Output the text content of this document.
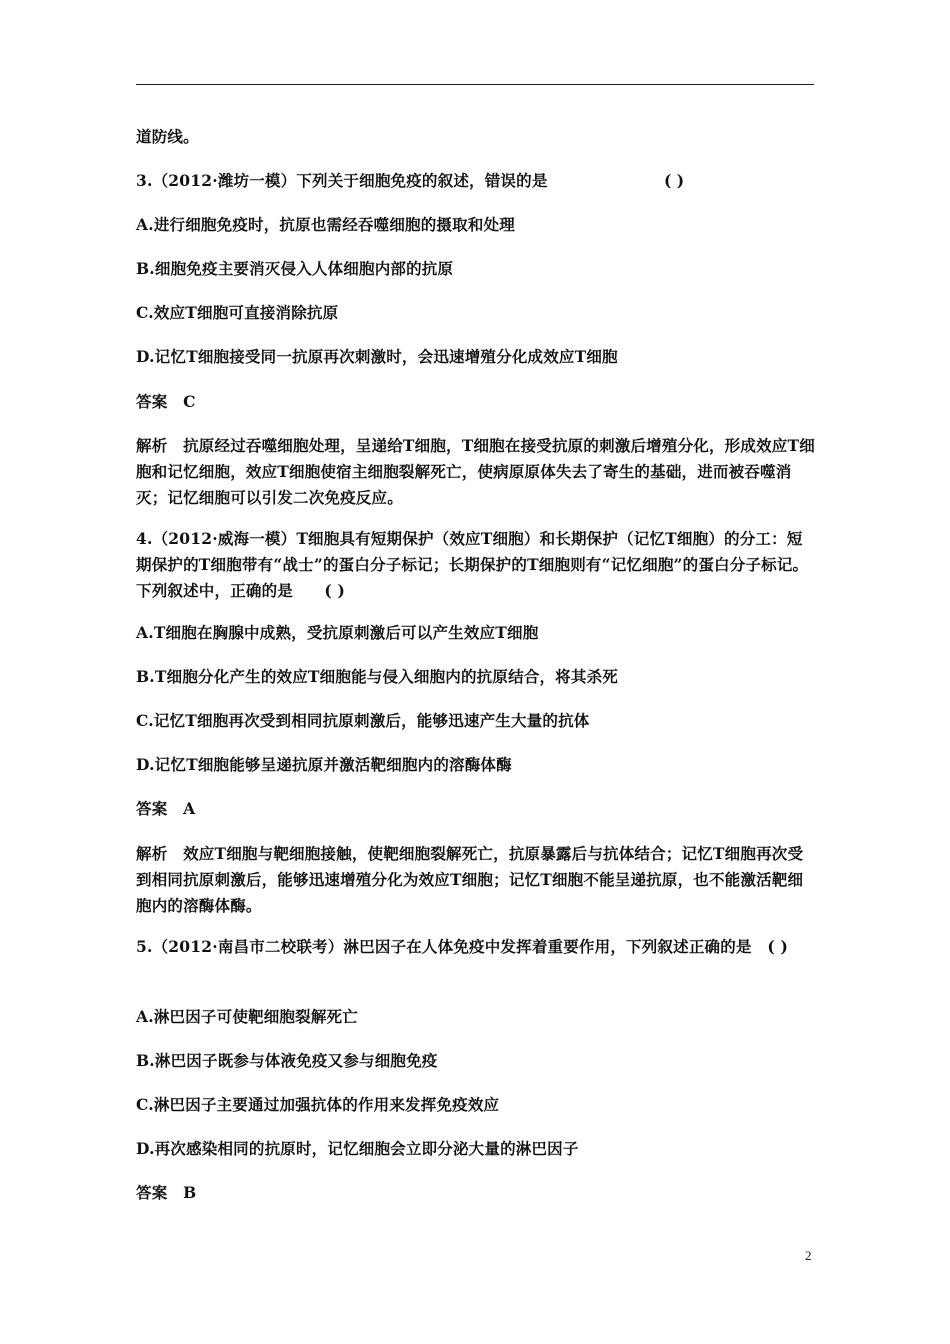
道防线。
3.（2012·潍坊一模）下列关于细胞免疫的叙述，错误的是	( )
A.进行细胞免疫时，抗原也需经吞噬细胞的摄取和处理
B.细胞免疫主要消灭侵入人体细胞内部的抗原
C.效应T细胞可直接消除抗原
D.记忆T细胞接受同一抗原再次刺激时，会迅速增殖分化成效应T细胞
答案　C
解析　抗原经过吞噬细胞处理，呈递给T细胞，T细胞在接受抗原的刺激后增殖分化，形成效应T细胞和记忆细胞，效应T细胞使宿主细胞裂解死亡，使病原原体失去了寄生的基础，进而被吞噬消灭；记忆细胞可以引发二次免疫反应。
4.（2012·威海一模）T细胞具有短期保护（效应T细胞）和长期保护（记忆T细胞）的分工：短期保护的T细胞带有“战士”的蛋白分子标记；长期保护的T细胞则有“记忆细胞”的蛋白分子标记。下列叙述中，正确的是　　( )
A.T细胞在胸腺中成熟，受抗原刺激后可以产生效应T细胞
B.T细胞分化产生的效应T细胞能与侵入细胞内的抗原结合，将其杀死
C.记忆T细胞再次受到相同抗原刺激后，能够迅速产生大量的抗体
D.记忆T细胞能够呈递抗原并激活靶细胞内的溶酶体酶
答案　A
解析　效应T细胞与靶细胞接触，使靶细胞裂解死亡，抗原暴露后与抗体结合；记忆T细胞再次受到相同抗原刺激后，能够迅速增殖分化为效应T细胞；记忆T细胞不能呈递抗原，也不能激活靶细胞内的溶酶体酶。
5.（2012·南昌市二校联考）淋巴因子在人体免疫中发挥着重要作用，下列叙述正确的是　( )
A.淋巴因子可使靶细胞裂解死亡
B.淋巴因子既参与体液免疫又参与细胞免疫
C.淋巴因子主要通过加强抗体的作用来发挥免疫效应
D.再次感染相同的抗原时，记忆细胞会立即分泌大量的淋巴因子
答案　B
2
